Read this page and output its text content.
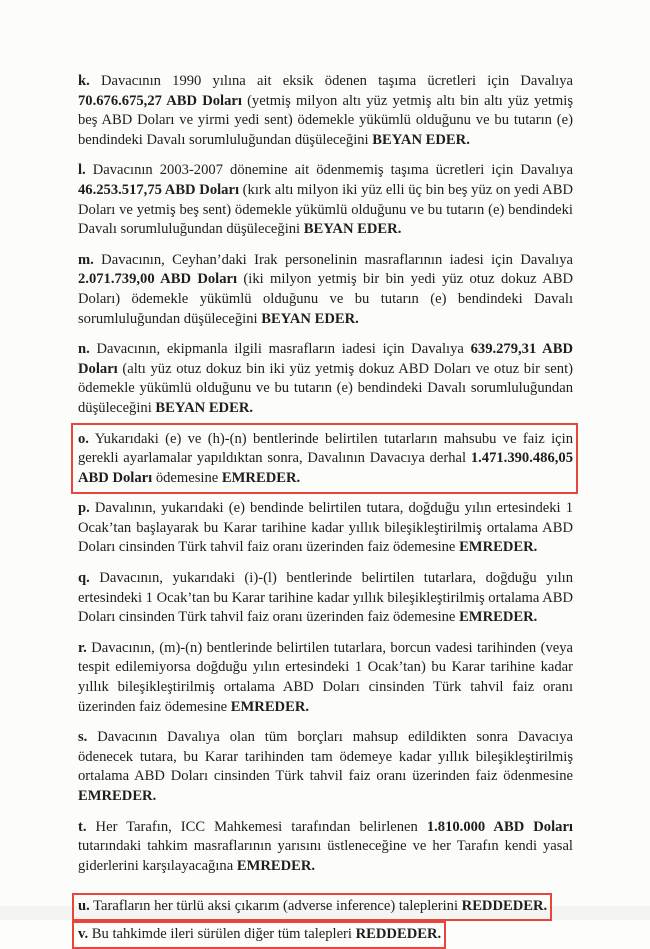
k. Davacının 1990 yılına ait eksik ödenen taşıma ücretleri için Davalıya 70.676.675,27 ABD Doları (yetmiş milyon altı yüz yetmiş altı bin altı yüz yetmiş beş ABD Doları ve yirmi yedi sent) ödemekle yükümlü olduğunu ve bu tutarın (e) bendindeki Davalı sorumluluğundan düşüleceğini BEYAN EDER.

l. Davacının 2003-2007 dönemine ait ödenmemiş taşıma ücretleri için Davalıya 46.253.517,75 ABD Doları (kırk altı milyon iki yüz elli üç bin beş yüz on yedi ABD Doları ve yetmiş beş sent) ödemekle yükümlü olduğunu ve bu tutarın (e) bendindeki Davalı sorumluluğundan düşüleceğini BEYAN EDER.

m. Davacının, Ceyhan’daki Irak personelinin masraflarının iadesi için Davalıya 2.071.739,00 ABD Doları (iki milyon yetmiş bir bin yedi yüz otuz dokuz ABD Doları) ödemekle yükümlü olduğunu ve bu tutarın (e) bendindeki Davalı sorumluluğundan düşüleceğini BEYAN EDER.

n. Davacının, ekipmanla ilgili masrafların iadesi için Davalıya 639.279,31 ABD Doları (altı yüz otuz dokuz bin iki yüz yetmiş dokuz ABD Doları ve otuz bir sent) ödemekle yükümlü olduğunu ve bu tutarın (e) bendindeki Davalı sorumluluğundan düşüleceğini BEYAN EDER.

o. Yukarıdaki (e) ve (h)-(n) bentlerinde belirtilen tutarların mahsubu ve faiz için gerekli ayarlamalar yapıldıktan sonra, Davalının Davacıya derhal 1.471.390.486,05 ABD Doları ödemesine EMREDER.

p. Davalının, yukarıdaki (e) bendinde belirtilen tutara, doğduğu yılın ertesindeki 1 Ocak’tan başlayarak bu Karar tarihine kadar yıllık bileşikleştirilmiş ortalama ABD Doları cinsinden Türk tahvil faiz oranı üzerinden faiz ödemesine EMREDER.

q. Davacının, yukarıdaki (i)-(l) bentlerinde belirtilen tutarlara, doğduğu yılın ertesindeki 1 Ocak’tan bu Karar tarihine kadar yıllık bileşikleştirilmiş ortalama ABD Doları cinsinden Türk tahvil faiz oranı üzerinden faiz ödemesine EMREDER.

r. Davacının, (m)-(n) bentlerinde belirtilen tutarlara, borcun vadesi tarihinden (veya tespit edilemiyorsa doğduğu yılın ertesindeki 1 Ocak’tan) bu Karar tarihine kadar yıllık bileşikleştirilmiş ortalama ABD Doları cinsinden Türk tahvil faiz oranı üzerinden faiz ödemesine EMREDER.

s. Davacının Davalıya olan tüm borçları mahsup edildikten sonra Davacıya ödenecek tutara, bu Karar tarihinden tam ödemeye kadar yıllık bileşikleştirilmiş ortalama ABD Doları cinsinden Türk tahvil faiz oranı üzerinden faiz ödenmesine EMREDER.

t. Her Tarafın, ICC Mahkemesi tarafından belirlenen 1.810.000 ABD Doları tutarındaki tahkim masraflarının yarısını üstleneceğine ve her Tarafın kendi yasal giderlerini karşılayacağına EMREDER.

u. Tarafların her türlü aksi çıkarım (adverse inference) taleplerini REDDEDER.

v. Bu tahkimde ileri sürülen diğer tüm talepleri REDDEDER.
